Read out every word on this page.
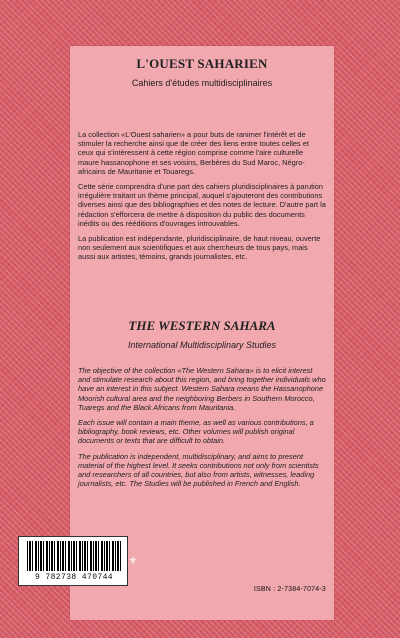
L'OUEST SAHARIEN

Cahiers d'études multidisciplinaires

La collection «L'Ouest saharien» a pour buts de ranimer l'intérêt et de stimuler la recherche ainsi que de créer des liens entre toutes celles et ceux qui s'intéressent à cette région comprise comme l'aire culturelle maure hassanophone et ses voisins, Berbères du Sud Maroc, Négro-africains de Mauritanie et Touaregs.

Cette série comprendra d'une part des cahiers pluridisciplinaires à parution irrégulière traitant un thème principal, auquel s'ajouteront des contributions diverses ainsi que des bibliographies et des notes de lecture. D'autre part la rédaction s'efforcera de mettre à disposition du public des documents inédits ou des rééditions d'ouvrages introuvables.

La publication est indépendante, pluridisciplinaire, de haut niveau, ouverte non seulement aux scientifiques et aux chercheurs de tous pays, mais aussi aux artistes, témoins, grands journalistes, etc.

THE WESTERN SAHARA

International Multidisciplinary Studies

The objective of the collection «The Western Sahara» is to elicit interest and stimulate research about this region, and bring together individuals who have an interest in this subject. Western Sahara means the Hassanophone Moorish cultural area and the neighboring Berbers in Southern Morocco, Tuaregs and the Black Africans from Mauritania.

Each issue will contain a main theme, as well as various contributions, a bibliography, book reviews, etc. Other volumes will publish original documents or texts that are difficult to obtain.

The publication is independent, multidisciplinary, and aims to present material of the highest level. It seeks contributions not only from scientists and researchers of all countries, but also from artists, witnesses, leading journalists, etc. The Studies will be published in French and English.

ISBN : 2-7384-7074-3
9 782738 470744
⚜
